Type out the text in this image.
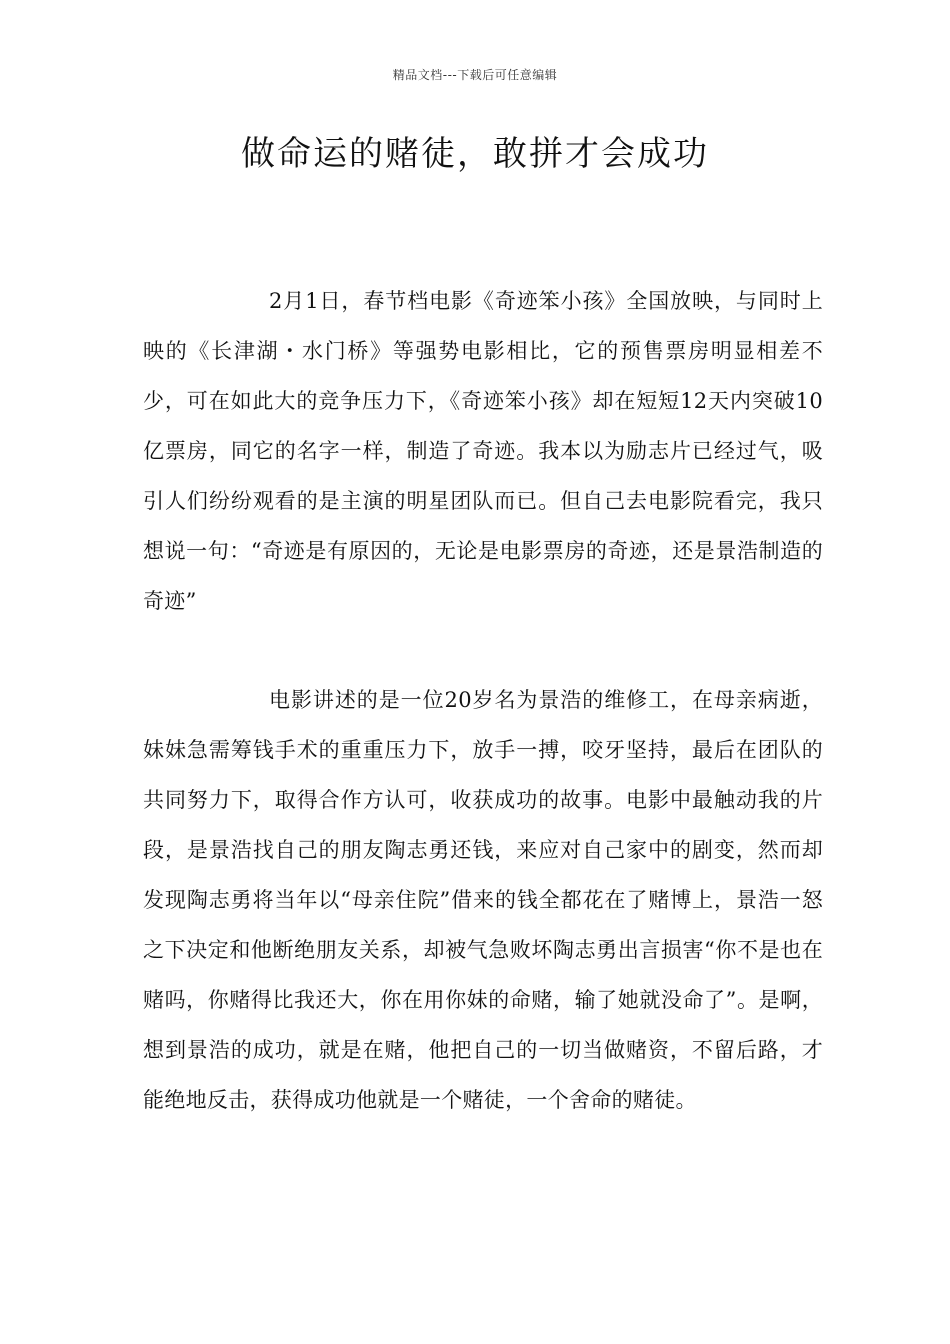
精品文档---下载后可任意编辑
做命运的赌徒，敢拼才会成功

2月1日，春节档电影《奇迹笨小孩》全国放映，与同时上映的《长津湖・水门桥》等强势电影相比，它的预售票房明显相差不少，可在如此大的竞争压力下，《奇迹笨小孩》却在短短12天内突破10亿票房，同它的名字一样，制造了奇迹。我本以为励志片已经过气，吸引人们纷纷观看的是主演的明星团队而已。但自己去电影院看完，我只想说一句：“奇迹是有原因的，无论是电影票房的奇迹，还是景浩制造的奇迹”

电影讲述的是一位20岁名为景浩的维修工，在母亲病逝，妹妹急需筹钱手术的重重压力下，放手一搏，咬牙坚持，最后在团队的共同努力下，取得合作方认可，收获成功的故事。电影中最触动我的片段，是景浩找自己的朋友陶志勇还钱，来应对自己家中的剧变，然而却发现陶志勇将当年以“母亲住院”借来的钱全都花在了赌博上，景浩一怒之下决定和他断绝朋友关系，却被气急败坏陶志勇出言损害“你不是也在赌吗，你赌得比我还大，你在用你妹的命赌，输了她就没命了”。是啊，想到景浩的成功，就是在赌，他把自己的一切当做赌资，不留后路，才能绝地反击，获得成功他就是一个赌徒，一个舍命的赌徒。
